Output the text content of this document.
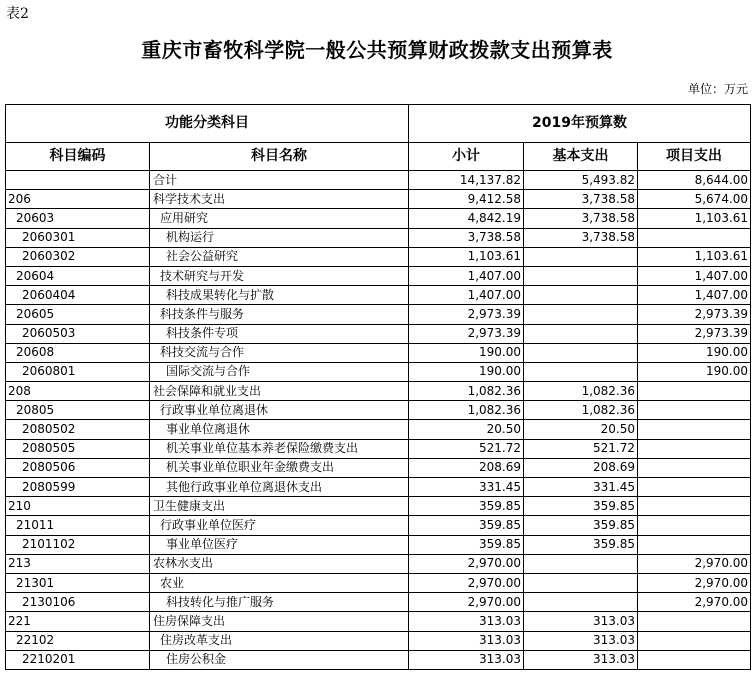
表2
重庆市畜牧科学院一般公共预算财政拨款支出预算表
单位：万元
功能分类科目		2019年预算数		
科目编码	科目名称	小计	基本支出	项目支出
	合计	14,137.82	5,493.82	8,644.00
206	科学技术支出	9,412.58	3,738.58	5,674.00
20603	应用研究	4,842.19	3,738.58	1,103.61
2060301	机构运行	3,738.58	3,738.58	
2060302	社会公益研究	1,103.61		1,103.61
20604	技术研究与开发	1,407.00		1,407.00
2060404	科技成果转化与扩散	1,407.00		1,407.00
20605	科技条件与服务	2,973.39		2,973.39
2060503	科技条件专项	2,973.39		2,973.39
20608	科技交流与合作	190.00		190.00
2060801	国际交流与合作	190.00		190.00
208	社会保障和就业支出	1,082.36	1,082.36	
20805	行政事业单位离退休	1,082.36	1,082.36	
2080502	事业单位离退休	20.50	20.50	
2080505	机关事业单位基本养老保险缴费支出	521.72	521.72	
2080506	机关事业单位职业年金缴费支出	208.69	208.69	
2080599	其他行政事业单位离退休支出	331.45	331.45	
210	卫生健康支出	359.85	359.85	
21011	行政事业单位医疗	359.85	359.85	
2101102	事业单位医疗	359.85	359.85	
213	农林水支出	2,970.00		2,970.00
21301	农业	2,970.00		2,970.00
2130106	科技转化与推广服务	2,970.00		2,970.00
221	住房保障支出	313.03	313.03	
22102	住房改革支出	313.03	313.03	
2210201	住房公积金	313.03	313.03	
